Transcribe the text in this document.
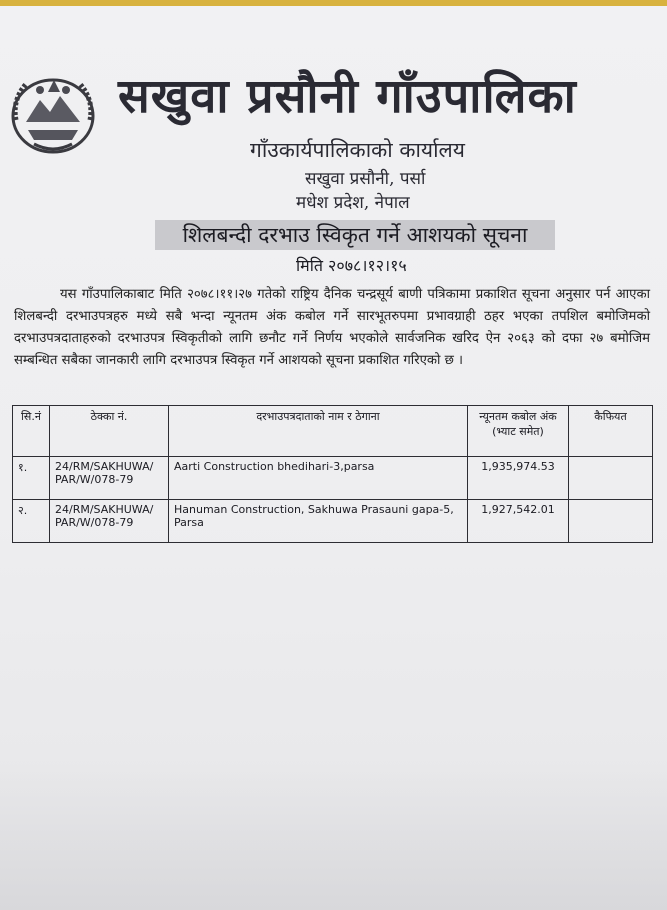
सखुवा प्रसौनी गाँउपालिका
गाँउकार्यपालिकाको कार्यालय
सखुवा प्रसौनी, पर्सा
मधेश प्रदेश, नेपाल
शिलबन्दी दरभाउ स्विकृत गर्ने आशयको सूचना
मिति २०७८।१२।१५
यस गाँउपालिकाबाट मिति २०७८।११।२७ गतेको राष्ट्रिय दैनिक चन्द्रसूर्य बाणी पत्रिकामा प्रकाशित सूचना अनुसार पर्न आएका शिलबन्दी दरभाउपत्रहरु मध्ये सबै भन्दा न्यूनतम अंक कबोल गर्ने सारभूतरुपमा प्रभावग्राही ठहर भएका तपशिल बमोजिमको दरभाउपत्रदाताहरुको दरभाउपत्र स्विकृतीको लागि छनौट गर्ने निर्णय भएकोले सार्वजनिक खरिद ऐन २०६३ को दफा २७ बमोजिम सम्बन्धित सबैका जानकारी लागि दरभाउपत्र स्विकृत गर्ने आशयको सूचना प्रकाशित गरिएको छ ।
सि.नं	ठेक्का नं.	दरभाउपत्रदाताको नाम र ठेगाना	न्यूनतम कबोल अंक (भ्याट समेत)	कैफियत
१.	24/RM/SAKHUWA/ PAR/W/078-79	Aarti Construction bhedihari-3,parsa	1,935,974.53	
२.	24/RM/SAKHUWA/ PAR/W/078-79	Hanuman Construction, Sakhuwa Prasauni gapa-5, Parsa	1,927,542.01	
